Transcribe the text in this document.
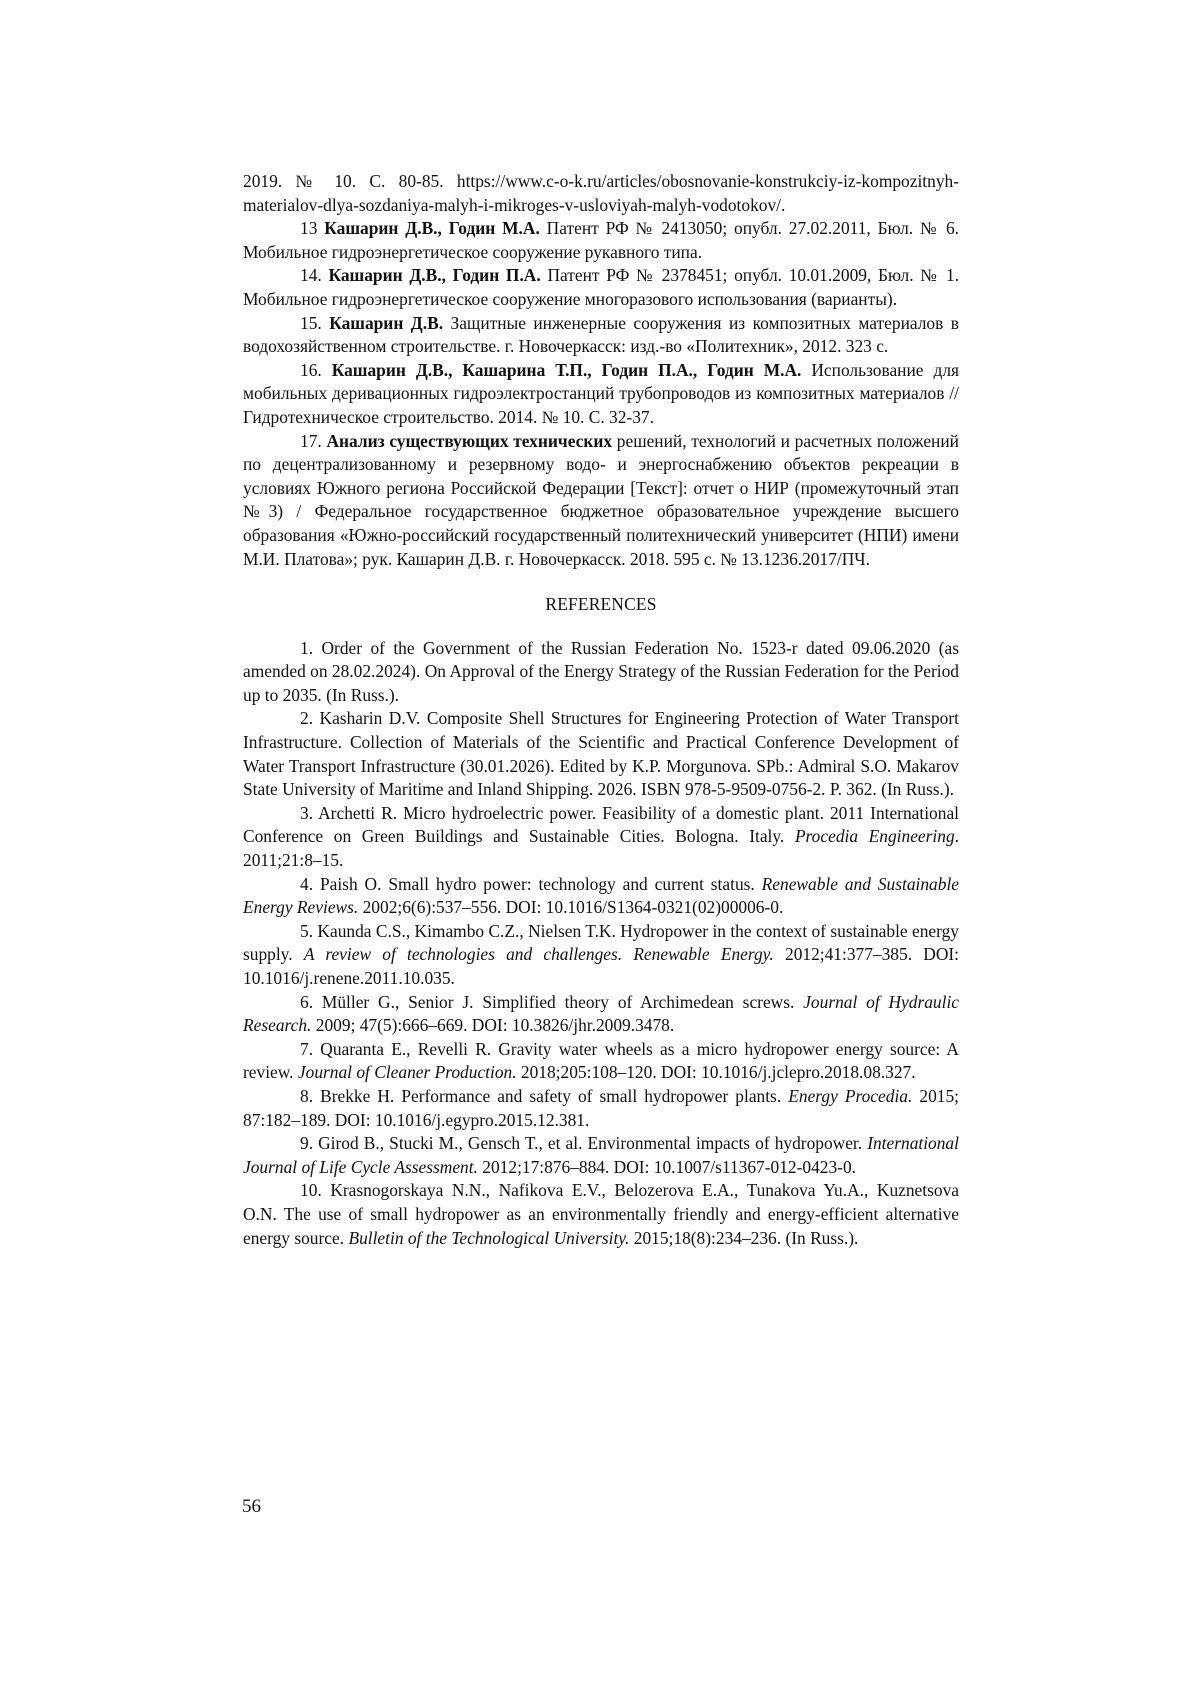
2019. № 10. С. 80-85. https://www.c-o-k.ru/articles/obosnovanie-konstrukciy-iz-kompozitnyh-materialov-dlya-sozdaniya-malyh-i-mikroges-v-usloviyah-malyh-vodotokov/.

13 Кашарин Д.В., Годин М.А. Патент РФ № 2413050; опубл. 27.02.2011, Бюл. № 6. Мобильное гидроэнергетическое сооружение рукавного типа.

14. Кашарин Д.В., Годин П.А. Патент РФ № 2378451; опубл. 10.01.2009, Бюл. № 1. Мобильное гидроэнергетическое сооружение многоразового использования (варианты).

15. Кашарин Д.В. Защитные инженерные сооружения из композитных материалов в водохозяйственном строительстве. г. Новочеркасск: изд.-во «Политехник», 2012. 323 с.

16. Кашарин Д.В., Кашарина Т.П., Годин П.А., Годин М.А. Использование для мобильных деривационных гидроэлектростанций трубопроводов из композитных материалов // Гидротехническое строительство. 2014. № 10. С. 32-37.

17. Анализ существующих технических решений, технологий и расчетных положений по децентрализованному и резервному водо- и энергоснабжению объектов рекреации в условиях Южного региона Российской Федерации [Текст]: отчет о НИР (промежуточный этап №3) / Федеральное государственное бюджетное образовательное учреждение высшего образования «Южно-российский государственный политехнический университет (НПИ) имени М.И. Платова»; рук. Кашарин Д.В. г. Новочеркасск. 2018. 595 с. № 13.1236.2017/ПЧ.

REFERENCES

1. Order of the Government of the Russian Federation No. 1523-r dated 09.06.2020 (as amended on 28.02.2024). On Approval of the Energy Strategy of the Russian Federation for the Period up to 2035. (In Russ.).

2. Kasharin D.V. Composite Shell Structures for Engineering Protection of Water Transport Infrastructure. Collection of Materials of the Scientific and Practical Conference Development of Water Transport Infrastructure (30.01.2026). Edited by K.P. Morgunova. SPb.: Admiral S.O. Makarov State University of Maritime and Inland Shipping. 2026. ISBN 978-5-9509-0756-2. P. 362. (In Russ.).

3. Archetti R. Micro hydroelectric power. Feasibility of a domestic plant. 2011 International Conference on Green Buildings and Sustainable Cities. Bologna. Italy. Procedia Engineering. 2011;21:8–15.

4. Paish O. Small hydro power: technology and current status. Renewable and Sustainable Energy Reviews. 2002;6(6):537–556. DOI: 10.1016/S1364-0321(02)00006-0.

5. Kaunda C.S., Kimambo C.Z., Nielsen T.K. Hydropower in the context of sustainable energy supply. A review of technologies and challenges. Renewable Energy. 2012;41:377–385. DOI: 10.1016/j.renene.2011.10.035.

6. Müller G., Senior J. Simplified theory of Archimedean screws. Journal of Hydraulic Research. 2009; 47(5):666–669. DOI: 10.3826/jhr.2009.3478.

7. Quaranta E., Revelli R. Gravity water wheels as a micro hydropower energy source: A review. Journal of Cleaner Production. 2018;205:108–120. DOI: 10.1016/j.jclepro.2018.08.327.

8. Brekke H. Performance and safety of small hydropower plants. Energy Procedia. 2015; 87:182–189. DOI: 10.1016/j.egypro.2015.12.381.

9. Girod B., Stucki M., Gensch T., et al. Environmental impacts of hydropower. International Journal of Life Cycle Assessment. 2012;17:876–884. DOI: 10.1007/s11367-012-0423-0.

10. Krasnogorskaya N.N., Nafikova E.V., Belozerova E.A., Tunakova Yu.A., Kuznetsova O.N. The use of small hydropower as an environmentally friendly and energy-efficient alternative energy source. Bulletin of the Technological University. 2015;18(8):234–236. (In Russ.).

56
